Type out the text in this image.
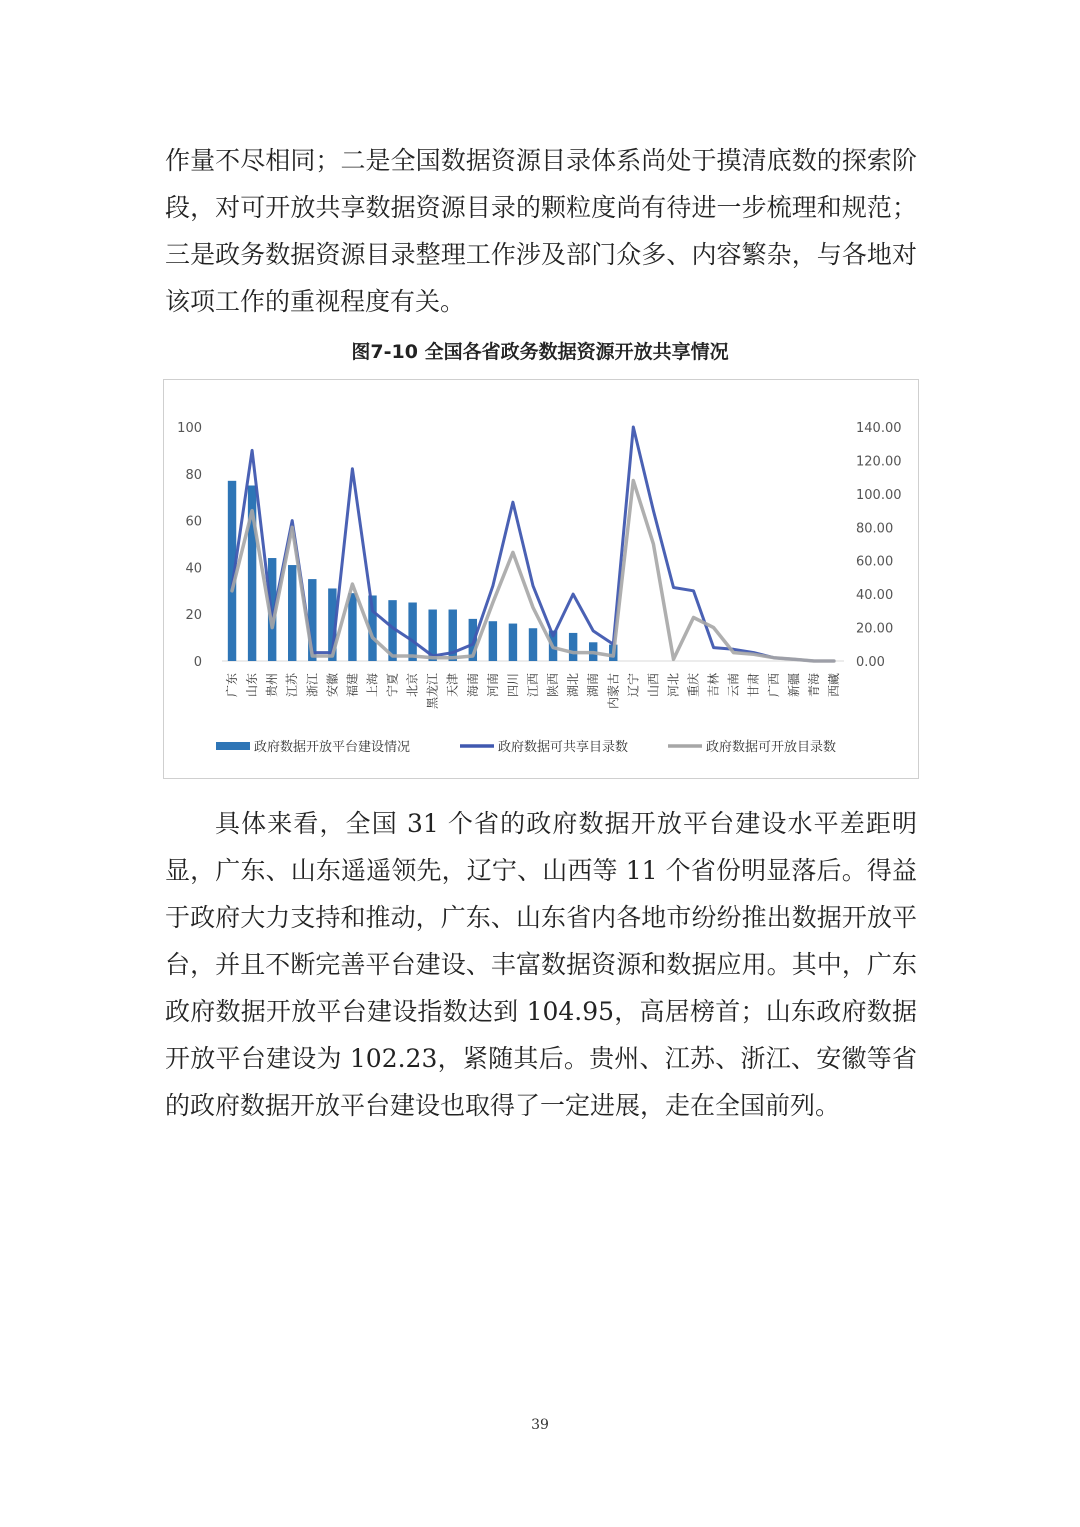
作量不尽相同；二是全国数据资源目录体系尚处于摸清底数的探索阶段，对可开放共享数据资源目录的颗粒度尚有待进一步梳理和规范；三是政务数据资源目录整理工作涉及部门众多、内容繁杂，与各地对该项工作的重视程度有关。

图7-10 全国各省政务数据资源开放共享情况
100
80
60
40
20
0
140.00
120.00
100.00
80.00
60.00
40.00
20.00
0.00
广东 山东 贵州 江苏 浙江 安徽 福建 上海 宁夏 北京 黑龙江 天津 海南 河南 四川 江西 陕西 湖北 湖南 内蒙古 辽宁 山西 河北 重庆 吉林 云南 甘肃 广西 新疆 青海 西藏
政府数据开放平台建设情况	政府数据可共享目录数	政府数据可开放目录数

具体来看，全国 31 个省的政府数据开放平台建设水平差距明显，广东、山东遥遥领先，辽宁、山西等 11 个省份明显落后。得益于政府大力支持和推动，广东、山东省内各地市纷纷推出数据开放平台，并且不断完善平台建设、丰富数据资源和数据应用。其中，广东政府数据开放平台建设指数达到 104.95，高居榜首；山东政府数据开放平台建设为 102.23，紧随其后。贵州、江苏、浙江、安徽等省的政府数据开放平台建设也取得了一定进展，走在全国前列。

39
